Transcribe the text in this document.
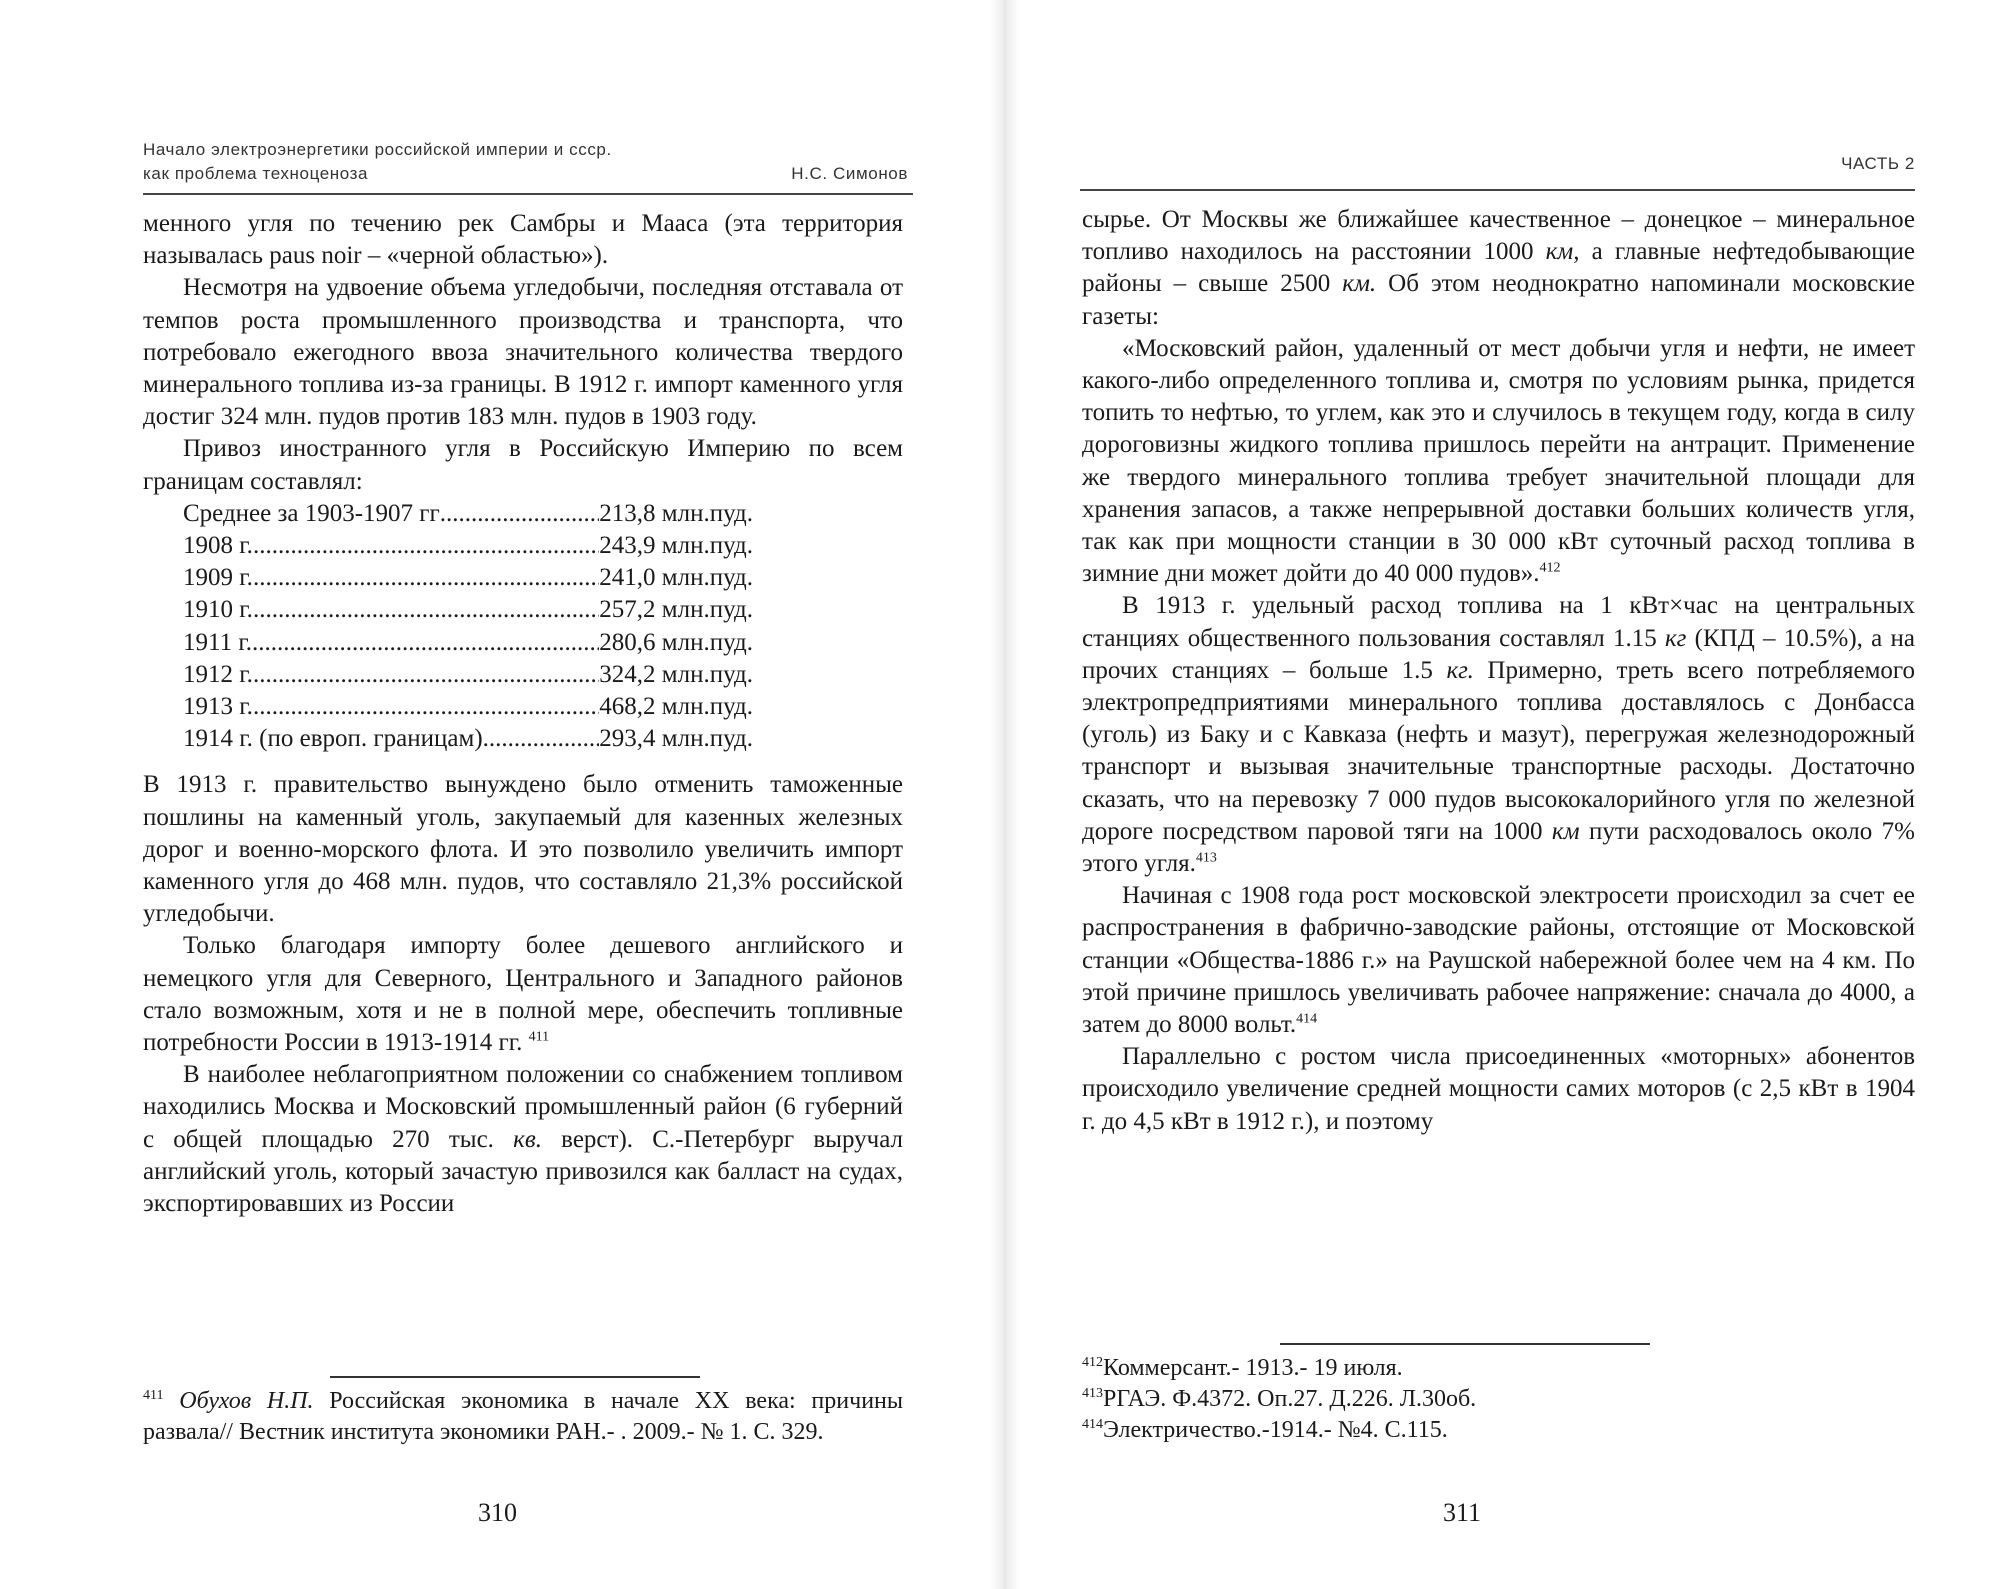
Начало электроэнергетики российской империи и ссср.
как проблема техноценоза	Н.С. Симонов

менного угля по течению рек Самбры и Мааса (эта территория называлась paus noir – «черной областью»).

Несмотря на удвоение объема угледобычи, последняя отставала от темпов роста промышленного производства и транспорта, что потребовало ежегодного ввоза значительного количества твердого минерального топлива из-за границы. В 1912 г. импорт каменного угля достиг 324 млн. пудов против 183 млн. пудов в 1903 году.

Привоз иностранного угля в Российскую Империю по всем границам составлял:

Среднее за 1903-1907 гг .....	213,8 млн.пуд.
1908 г. .....	243,9 млн.пуд.
1909 г. .....	241,0 млн.пуд.
1910 г. .....	257,2 млн.пуд.
1911 г. .....	280,6 млн.пуд.
1912 г. .....	324,2 млн.пуд.
1913 г. .....	468,2 млн.пуд.
1914 г. (по европ. границам) .....	293,4 млн.пуд.

В 1913 г. правительство вынуждено было отменить таможенные пошлины на каменный уголь, закупаемый для казенных железных дорог и военно-морского флота. И это позволило увеличить импорт каменного угля до 468 млн. пудов, что составляло 21,3% российской угледобычи.

Только благодаря импорту более дешевого английского и немецкого угля для Северного, Центрального и Западного районов стало возможным, хотя и не в полной мере, обеспечить топливные потребности России в 1913-1914 гг. $^{411}$

В наиболее неблагоприятном положении со снабжением топливом находились Москва и Московский промышленный район (6 губерний с общей площадью 270 тыс. кв. верст). С.-Петербург выручал английский уголь, который зачастую привозился как балласт на судах, экспортировавших из России

$^{411}$ Обухов Н.П. Российская экономика в начале XX века: причины развала// Вестник института экономики РАН.- . 2009.- № 1. С. 329.

310
ЧАСТЬ 2

сырье. От Москвы же ближайшее качественное – донецкое – минеральное топливо находилось на расстоянии 1000 км, а главные нефтедобывающие районы – свыше 2500 км. Об этом неоднократно напоминали московские газеты:

«Московский район, удаленный от мест добычи угля и нефти, не имеет какого-либо определенного топлива и, смотря по условиям рынка, придется топить то нефтью, то углем, как это и случилось в текущем году, когда в силу дороговизны жидкого топлива пришлось перейти на антрацит. Применение же твердого минерального топлива требует значительной площади для хранения запасов, а также непрерывной доставки больших количеств угля, так как при мощности станции в 30 000 кВт суточный расход топлива в зимние дни может дойти до 40 000 пудов».$^{412}$

В 1913 г. удельный расход топлива на 1 кВт×час на центральных станциях общественного пользования составлял 1.15 кг (КПД – 10.5%), а на прочих станциях – больше 1.5 кг. Примерно, треть всего потребляемого электропредприятиями минерального топлива доставлялось с Донбасса (уголь) из Баку и с Кавказа (нефть и мазут), перегружая железнодорожный транспорт и вызывая значительные транспортные расходы. Достаточно сказать, что на перевозку 7 000 пудов высококалорийного угля по железной дороге посредством паровой тяги на 1000 км пути расходовалось около 7% этого угля.$^{413}$

Начиная с 1908 года рост московской электросети происходил за счет ее распространения в фабрично-заводские районы, отстоящие от Московской станции «Общества-1886 г.» на Раушской набережной более чем на 4 км. По этой причине пришлось увеличивать рабочее напряжение: сначала до 4000, а затем до 8000 вольт.$^{414}$

Параллельно с ростом числа присоединенных «моторных» абонентов происходило увеличение средней мощности самих моторов (с 2,5 кВт в 1904 г. до 4,5 кВт в 1912 г.), и поэтому

$^{412}$Коммерсант.- 1913.- 19 июля.

$^{413}$РГАЭ. Ф.4372. Оп.27. Д.226. Л.30об.

$^{414}$Электричество.-1914.- №4. С.115.

311
